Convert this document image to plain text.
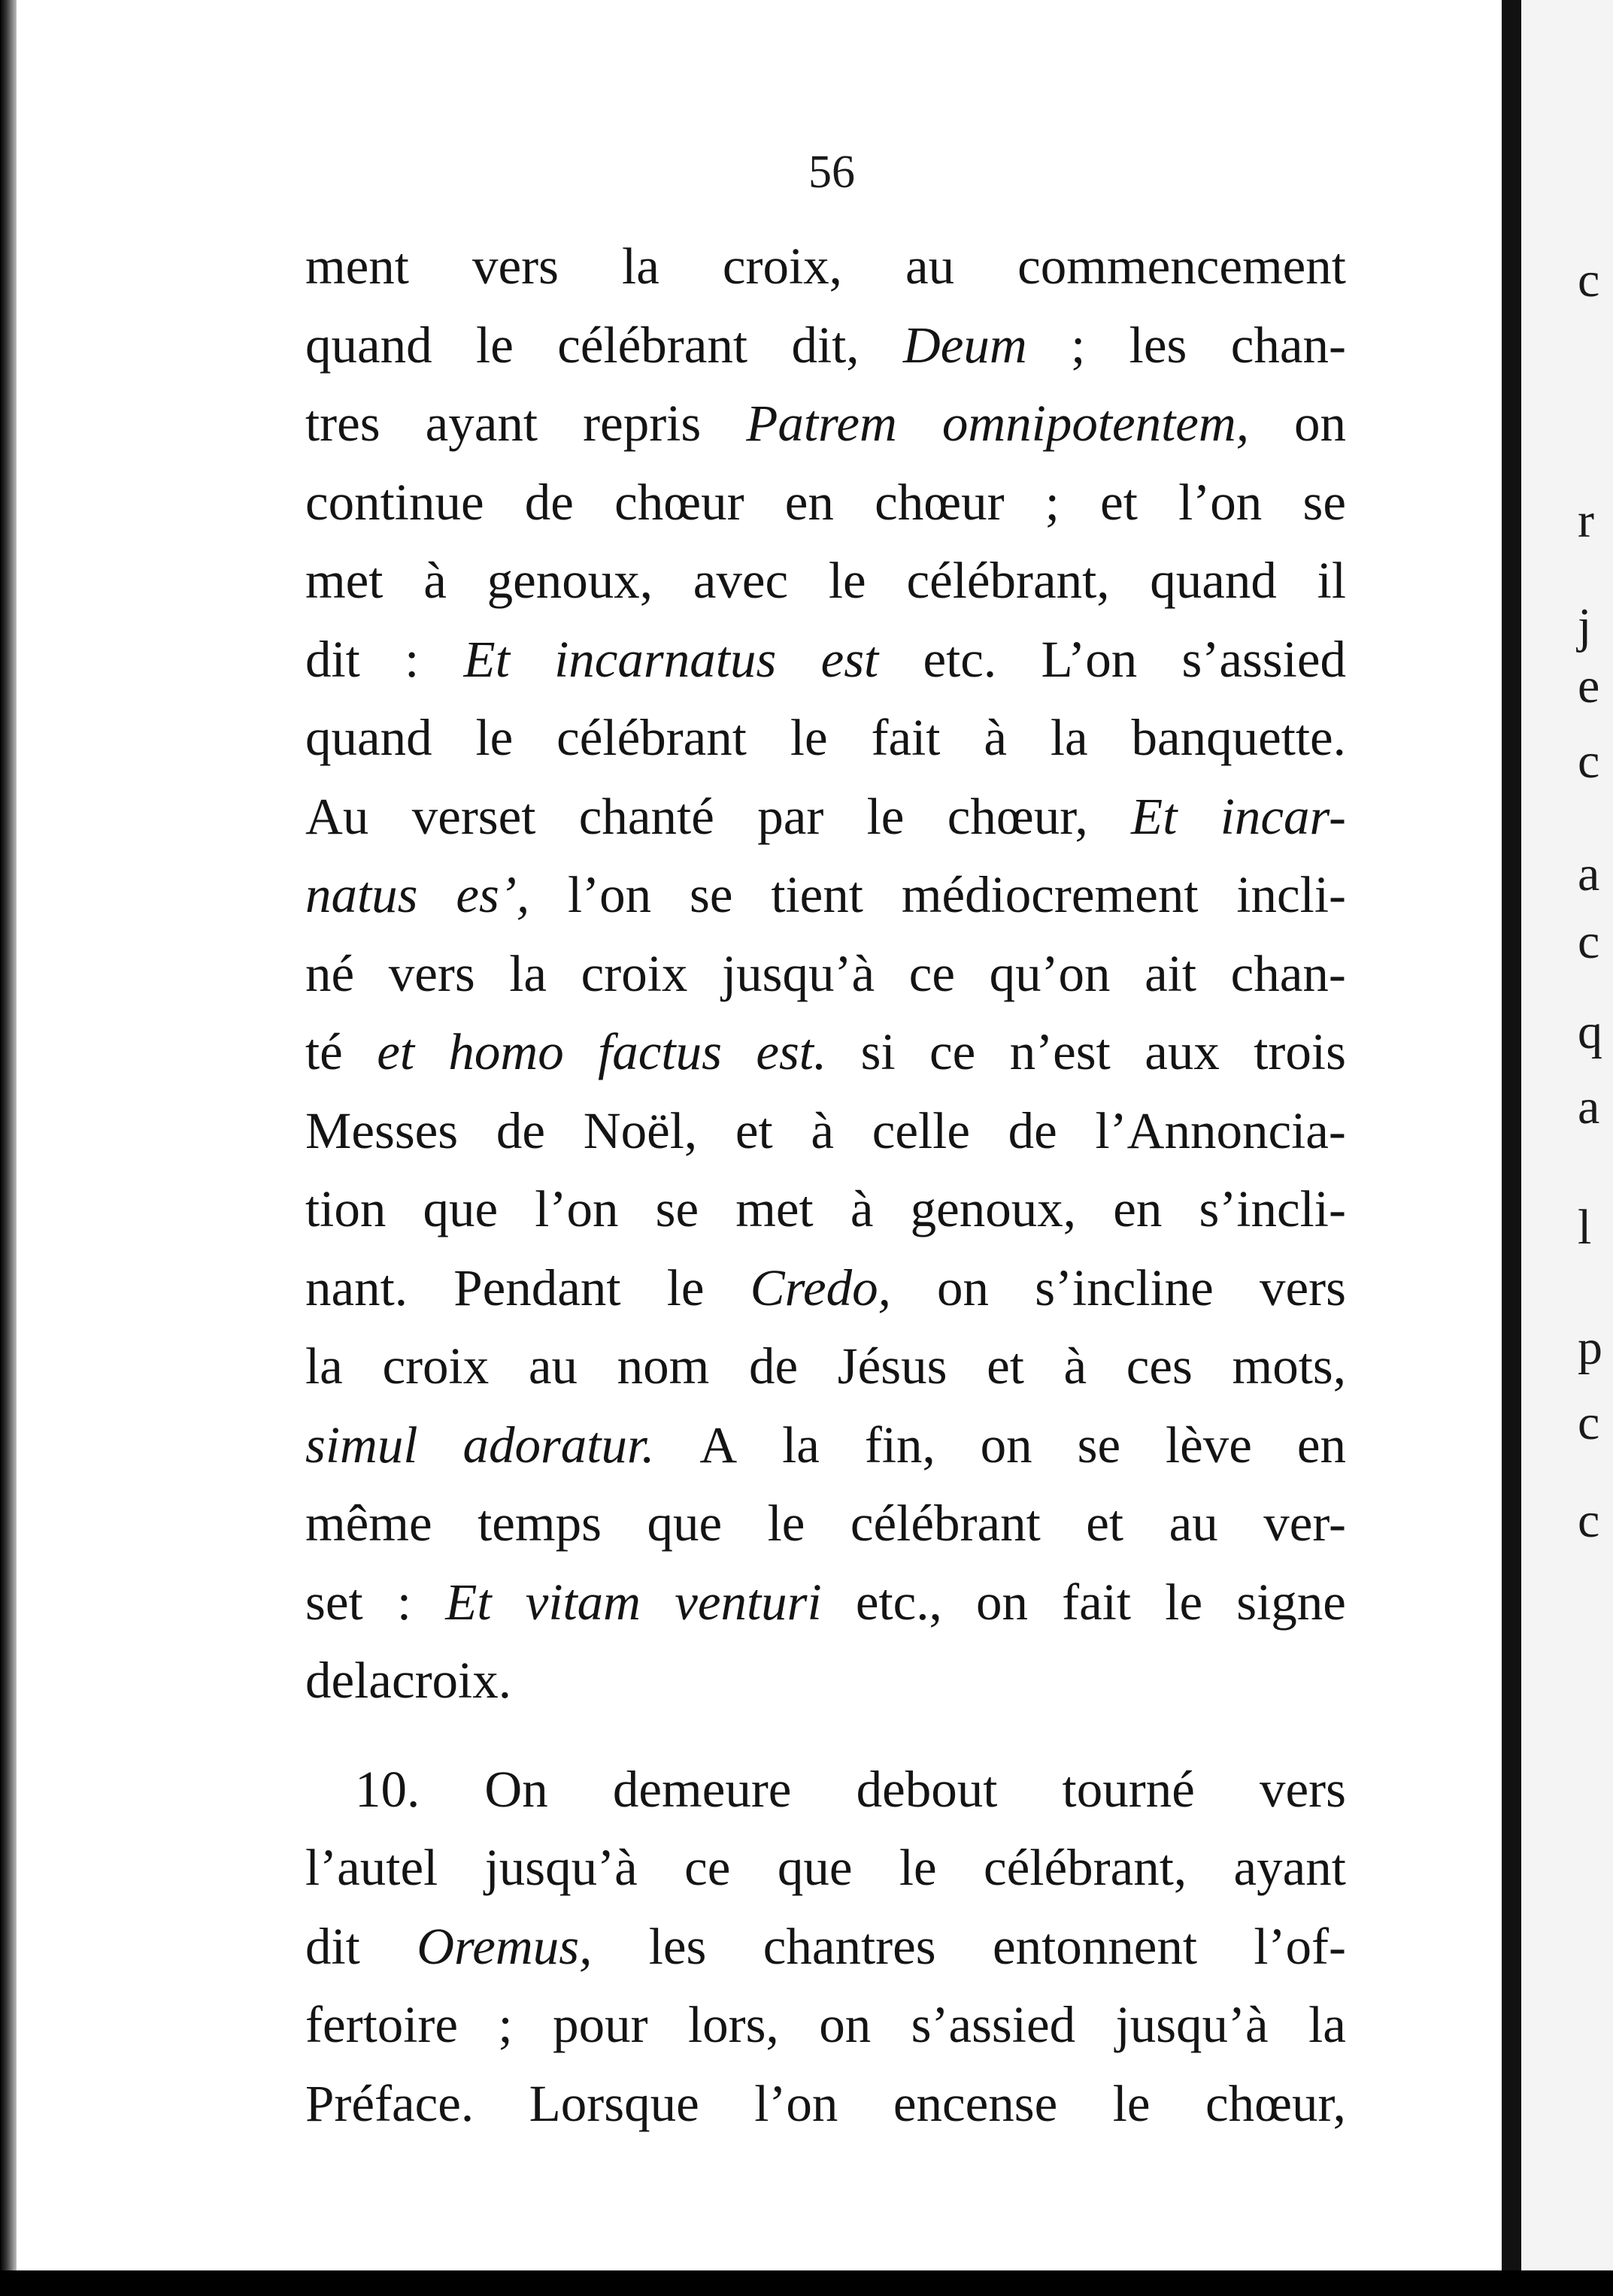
c
r
j
e
c
a
c
q
a
l
p
c
c
56
ment vers la croix, au commencement
quand le célébrant dit, Deum ; les chan-
tres ayant repris Patrem omnipotentem, on
continue de chœur en chœur ; et l’on se
met à genoux, avec le célébrant, quand il
dit : Et incarnatus est etc. L’on s’assied
quand le célébrant le fait à la banquette.
Au verset chanté par le chœur, Et incar-
natus es’, l’on se tient médiocrement incli-
né vers la croix jusqu’à ce qu’on ait chan-
té et homo factus est. si ce n’est aux trois
Messes de Noël, et à celle de l’Annoncia-
tion que l’on se met à genoux, en s’incli-
nant. Pendant le Credo, on s’incline vers
la croix au nom de Jésus et à ces mots,
simul adoratur. A la fin, on se lève en
même temps que le célébrant et au ver-
set : Et vitam venturi etc., on fait le signe
de la croix.
10. On demeure debout tourné vers
l’autel jusqu’à ce que le célébrant, ayant
dit Oremus, les chantres entonnent l’of-
fertoire ; pour lors, on s’assied jusqu’à la
Préface. Lorsque l’on encense le chœur,
